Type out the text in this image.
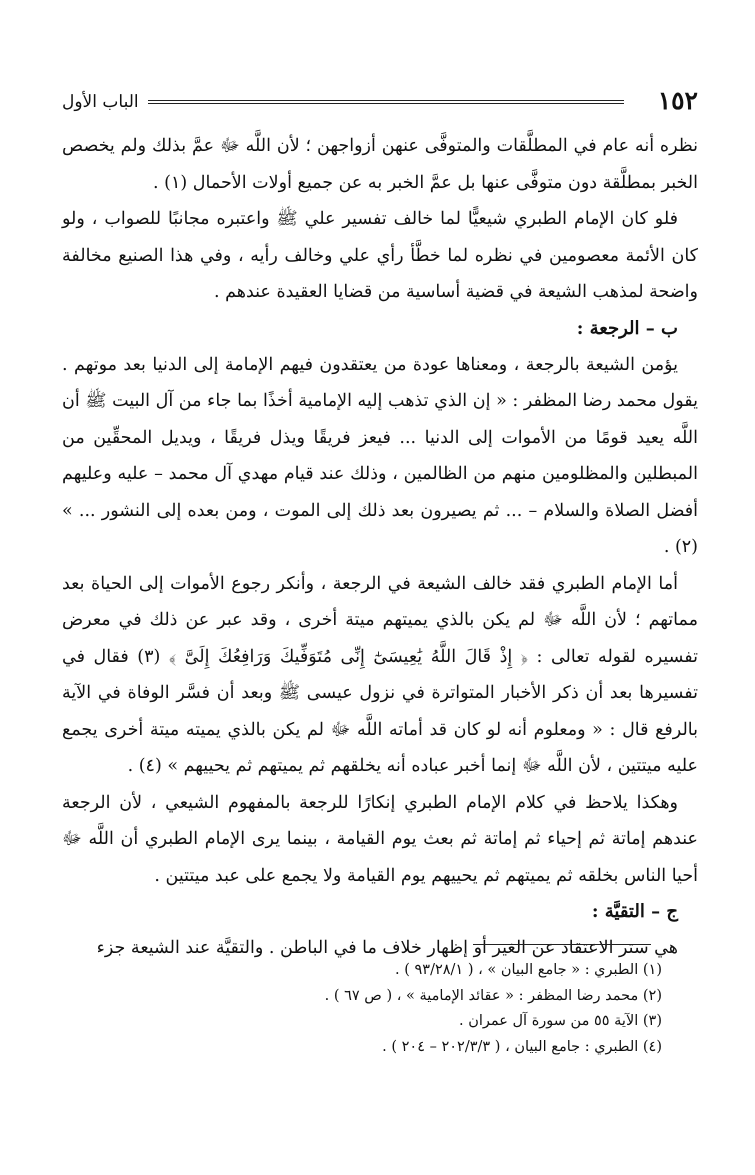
١٥٢
الباب الأول

نظره أنه عام في المطلَّقات والمتوفَّى عنهن أزواجهن ؛ لأن اللَّه ﷻ عمَّ بذلك ولم يخصص الخبر بمطلَّقة دون متوفَّى عنها بل عمَّ الخبر به عن جميع أولات الأحمال (١) .

فلو كان الإمام الطبري شيعيًّا لما خالف تفسير علي ﷺ واعتبره مجانبًا للصواب ، ولو كان الأئمة معصومين في نظره لما خطَّأ رأي علي وخالف رأيه ، وفي هذا الصنيع مخالفة واضحة لمذهب الشيعة في قضية أساسية من قضايا العقيدة عندهم .

ب – الرجعة :

يؤمن الشيعة بالرجعة ، ومعناها عودة من يعتقدون فيهم الإمامة إلى الدنيا بعد موتهم . يقول محمد رضا المظفر : « إن الذي تذهب إليه الإمامية أخذًا بما جاء من آل البيت ﷺ أن اللَّه يعيد قومًا من الأموات إلى الدنيا ... فيعز فريقًا ويذل فريقًا ، ويديل المحقِّين من المبطلين والمظلومين منهم من الظالمين ، وذلك عند قيام مهدي آل محمد – عليه وعليهم أفضل الصلاة والسلام – ... ثم يصيرون بعد ذلك إلى الموت ، ومن بعده إلى النشور ... » (٢) .

أما الإمام الطبري فقد خالف الشيعة في الرجعة ، وأنكر رجوع الأموات إلى الحياة بعد مماتهم ؛ لأن اللَّه ﷻ لم يكن بالذي يميتهم ميتة أخرى ، وقد عبر عن ذلك في معرض تفسيره لقوله تعالى : ﴿ إِذْ قَالَ اللَّهُ يَٰعِيسَىٰٓ إِنِّى مُتَوَفِّيكَ وَرَافِعُكَ إِلَىَّ ﴾ (٣) فقال في تفسيرها بعد أن ذكر الأخبار المتواترة في نزول عيسى ﷺ وبعد أن فسَّر الوفاة في الآية بالرفع قال : « ومعلوم أنه لو كان قد أماته اللَّه ﷻ لم يكن بالذي يميته ميتة أخرى يجمع عليه ميتتين ، لأن اللَّه ﷻ إنما أخبر عباده أنه يخلقهم ثم يميتهم ثم يحييهم » (٤) .

وهكذا يلاحظ في كلام الإمام الطبري إنكارًا للرجعة بالمفهوم الشيعي ، لأن الرجعة عندهم إماتة ثم إحياء ثم إماتة ثم بعث يوم القيامة ، بينما يرى الإمام الطبري أن اللَّه ﷻ أحيا الناس بخلقه ثم يميتهم ثم يحييهم يوم القيامة ولا يجمع على عبد ميتتين .

ج – التقيَّة :

هي ستر الاعتقاد عن الغير أو إظهار خلاف ما في الباطن . والتقيَّة عند الشيعة جزء

(١) الطبري : « جامع البيان » ، ( ٩٣/٢٨/١ ) .
(٢) محمد رضا المظفر : « عقائد الإمامية » ، ( ص ٦٧ ) .
(٣) الآية ٥٥ من سورة آل عمران .
(٤) الطبري : جامع البيان ، ( ٢٠٢/٣/٣ – ٢٠٤ ) .
